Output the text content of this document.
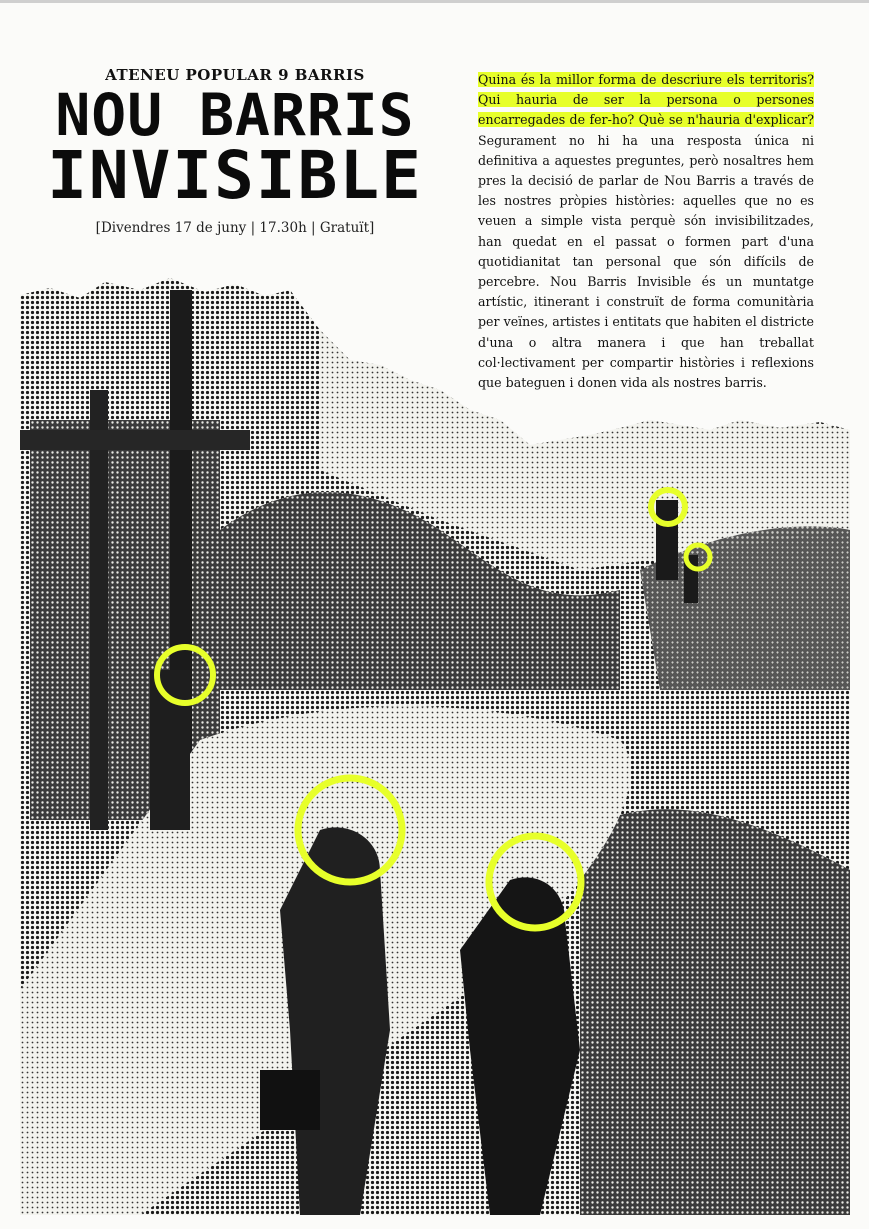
ATENEU POPULAR 9 BARRIS
NOU BARRIS
INVISIBLE
[Divendres 17 de juny | 17.30h | Gratuït]
Quina és la millor forma de descriure els territoris? Qui hauria de ser la persona o persones encarregades de fer-ho? Què se n'hauria d'explicar? Segurament no hi ha una resposta única ni definitiva a aquestes preguntes, però nosaltres hem pres la decisió de parlar de Nou Barris a través de les nostres pròpies històries: aquelles que no es veuen a simple vista perquè són invisibilitzades, han quedat en el passat o formen part d'una quotidianitat tan personal que són difícils de percebre. Nou Barris Invisible és un muntatge artístic, itinerant i construït de forma comunitària per veïnes, artistes i entitats que habiten el districte d'una o altra manera i que han treballat col·lectivament per compartir històries i reflexions que bateguen i donen vida als nostres barris.
